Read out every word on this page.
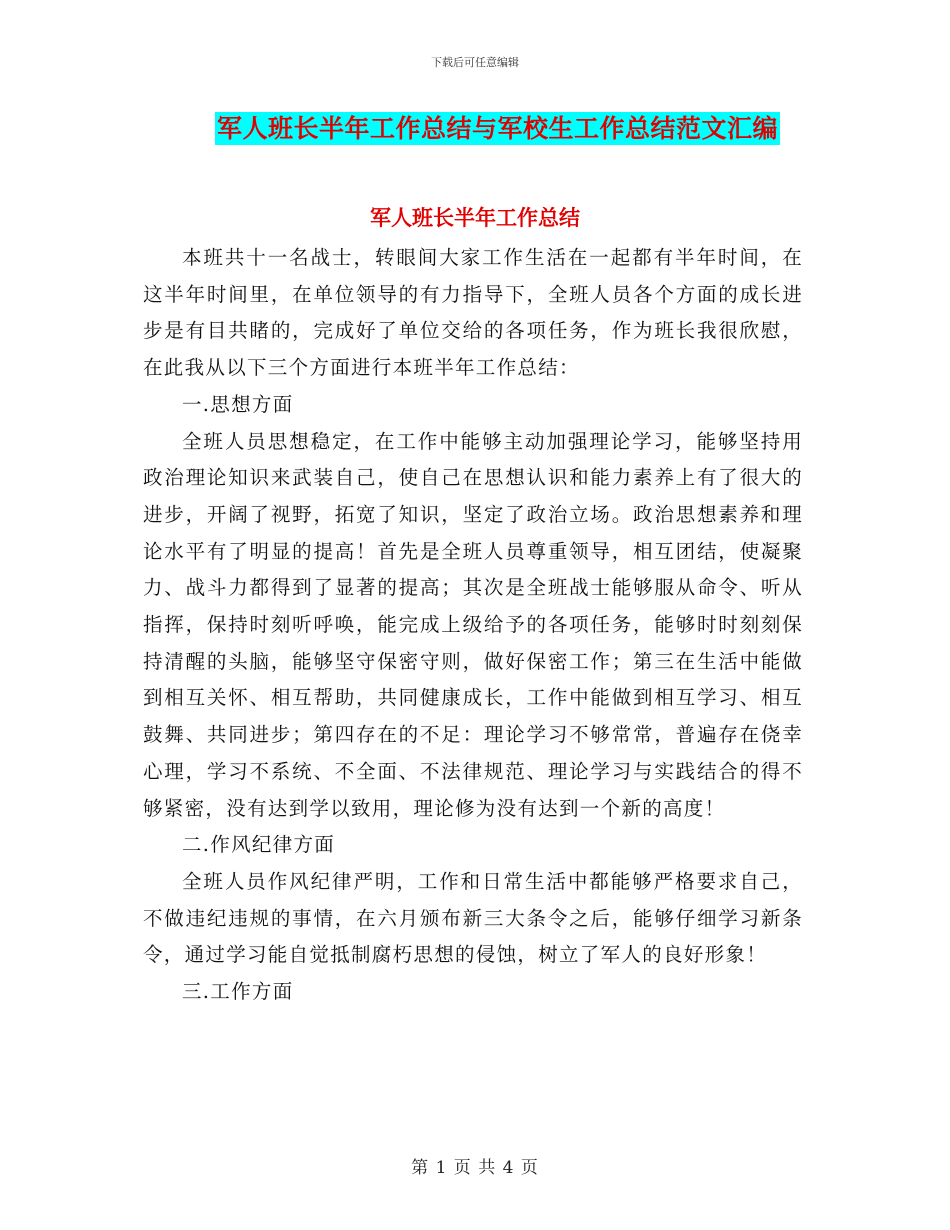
下载后可任意编辑
军人班长半年工作总结与军校生工作总结范文汇编
军人班长半年工作总结

本班共十一名战士，转眼间大家工作生活在一起都有半年时间，在这半年时间里，在单位领导的有力指导下，全班人员各个方面的成长进步是有目共睹的，完成好了单位交给的各项任务，作为班长我很欣慰，在此我从以下三个方面进行本班半年工作总结：

一.思想方面

全班人员思想稳定，在工作中能够主动加强理论学习，能够坚持用政治理论知识来武装自己，使自己在思想认识和能力素养上有了很大的进步，开阔了视野，拓宽了知识，坚定了政治立场。政治思想素养和理论水平有了明显的提高！首先是全班人员尊重领导，相互团结，使凝聚力、战斗力都得到了显著的提高；其次是全班战士能够服从命令、听从指挥，保持时刻听呼唤，能完成上级给予的各项任务，能够时时刻刻保持清醒的头脑，能够坚守保密守则，做好保密工作；第三在生活中能做到相互关怀、相互帮助，共同健康成长，工作中能做到相互学习、相互鼓舞、共同进步；第四存在的不足：理论学习不够常常，普遍存在侥幸心理，学习不系统、不全面、不法律规范、理论学习与实践结合的得不够紧密，没有达到学以致用，理论修为没有达到一个新的高度！

二.作风纪律方面

全班人员作风纪律严明，工作和日常生活中都能够严格要求自己，不做违纪违规的事情，在六月颁布新三大条令之后，能够仔细学习新条令，通过学习能自觉抵制腐朽思想的侵蚀，树立了军人的良好形象！

三.工作方面

第 1 页 共 4 页
